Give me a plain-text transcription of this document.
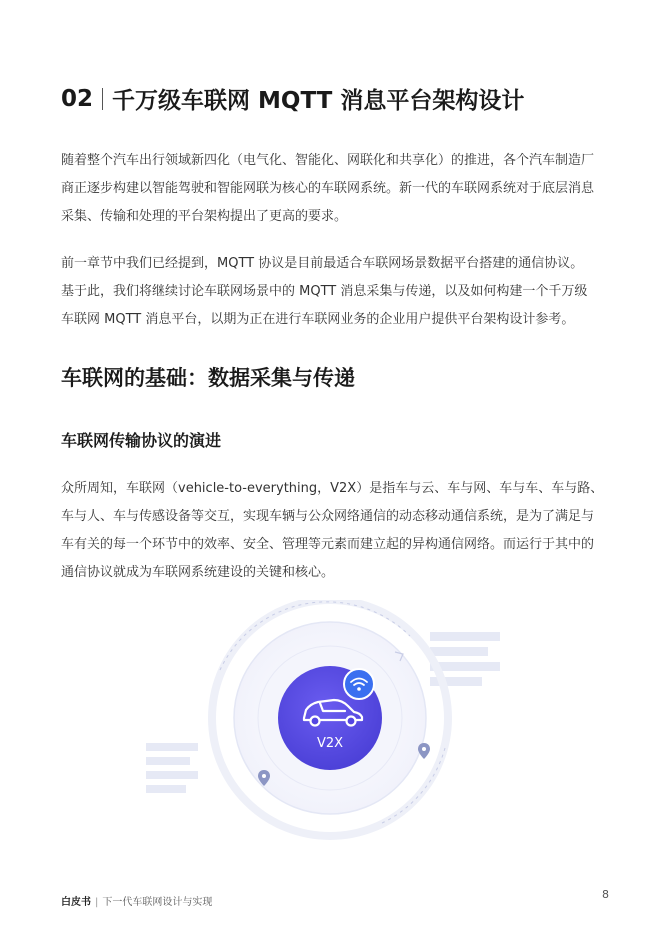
02 千万级车联网 MQTT 消息平台架构设计

随着整个汽车出行领域新四化（电气化、智能化、网联化和共享化）的推进，各个汽车制造厂
商正逐步构建以智能驾驶和智能网联为核心的车联网系统。新一代的车联网系统对于底层消息
采集、传输和处理的平台架构提出了更高的要求。

前一章节中我们已经提到，MQTT 协议是目前最适合车联网场景数据平台搭建的通信协议。
基于此，我们将继续讨论车联网场景中的 MQTT 消息采集与传递，以及如何构建一个千万级
车联网 MQTT 消息平台，以期为正在进行车联网业务的企业用户提供平台架构设计参考。

车联网的基础：数据采集与传递
车联网传输协议的演进

众所周知，车联网（vehicle-to-everything，V2X）是指车与云、车与网、车与车、车与路、
车与人、车与传感设备等交互，实现车辆与公众网络通信的动态移动通信系统，是为了满足与
车有关的每一个环节中的效率、安全、管理等元素而建立起的异构通信网络。而运行于其中的
通信协议就成为车联网系统建设的关键和核心。

V2X
白皮书 | 下一代车联网设计与实现
8
